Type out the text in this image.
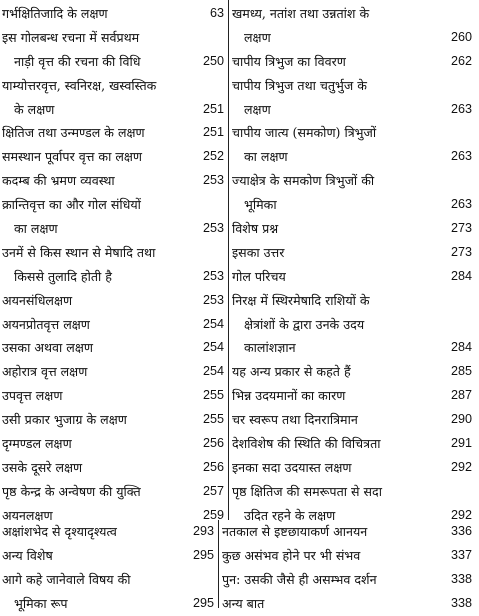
गर्भक्षितिजादि के लक्षण	63
इस गोलबन्ध रचना में सर्वप्रथम
नाड़ी वृत्त की रचना की विधि	250
याम्योत्तरवृत्त, स्वनिरक्ष, खस्वस्तिक
के लक्षण	251
क्षितिज तथा उन्मण्डल के लक्षण	251
समस्थान पूर्वापर वृत्त का लक्षण	252
कदम्ब की भ्रमण व्यवस्था	253
क्रान्तिवृत्त का और गोल संधियों
का लक्षण	253
उनमें से किस स्थान से मेषादि तथा
किससे तुलादि होती है	253
अयनसंधिलक्षण	253
अयनप्रोतवृत्त लक्षण	254
उसका अथवा लक्षण	254
अहोरात्र वृत्त लक्षण	254
उपवृत्त लक्षण	255
उसी प्रकार भुजाग्र के लक्षण	255
दृग्मण्डल लक्षण	256
उसके दूसरे लक्षण	256
पृष्ठ केन्द्र के अन्वेषण की युक्ति	257
अयनलक्षण	259
खमध्य, नतांश तथा उन्नतांश के
लक्षण	260
चापीय त्रिभुज का विवरण	262
चापीय त्रिभुज तथा चतुर्भुज के
लक्षण	263
चापीय जात्य (समकोण) त्रिभुजों
का लक्षण	263
ज्याक्षेत्र के समकोण त्रिभुजों की
भूमिका	263
विशेष प्रश्न	273
इसका उत्तर	273
गोल परिचय	284
निरक्ष में स्थिरमेषादि राशियों के
क्षेत्रांशों के द्वारा उनके उदय
कालांशज्ञान	284
यह अन्य प्रकार से कहते हैं	285
भिन्न उदयमानों का कारण	287
चर स्वरूप तथा दिनरात्रिमान	290
देशविशेष की स्थिति की विचित्रता	291
इनका सदा उदयास्त लक्षण	292
पृष्ठ क्षितिज की समरूपता से सदा
उदित रहने के लक्षण	292
अक्षांशभेद से दृश्यादृश्यत्व	293
अन्य विशेष	295
आगे कहे जानेवाले विषय की
भूमिका रूप	295
नतकाल से इष्टछायाकर्ण आनयन	336
कुछ असंभव होने पर भी संभव	337
पुन: उसकी जैसे ही असम्भव दर्शन	338
अन्य बात	338
